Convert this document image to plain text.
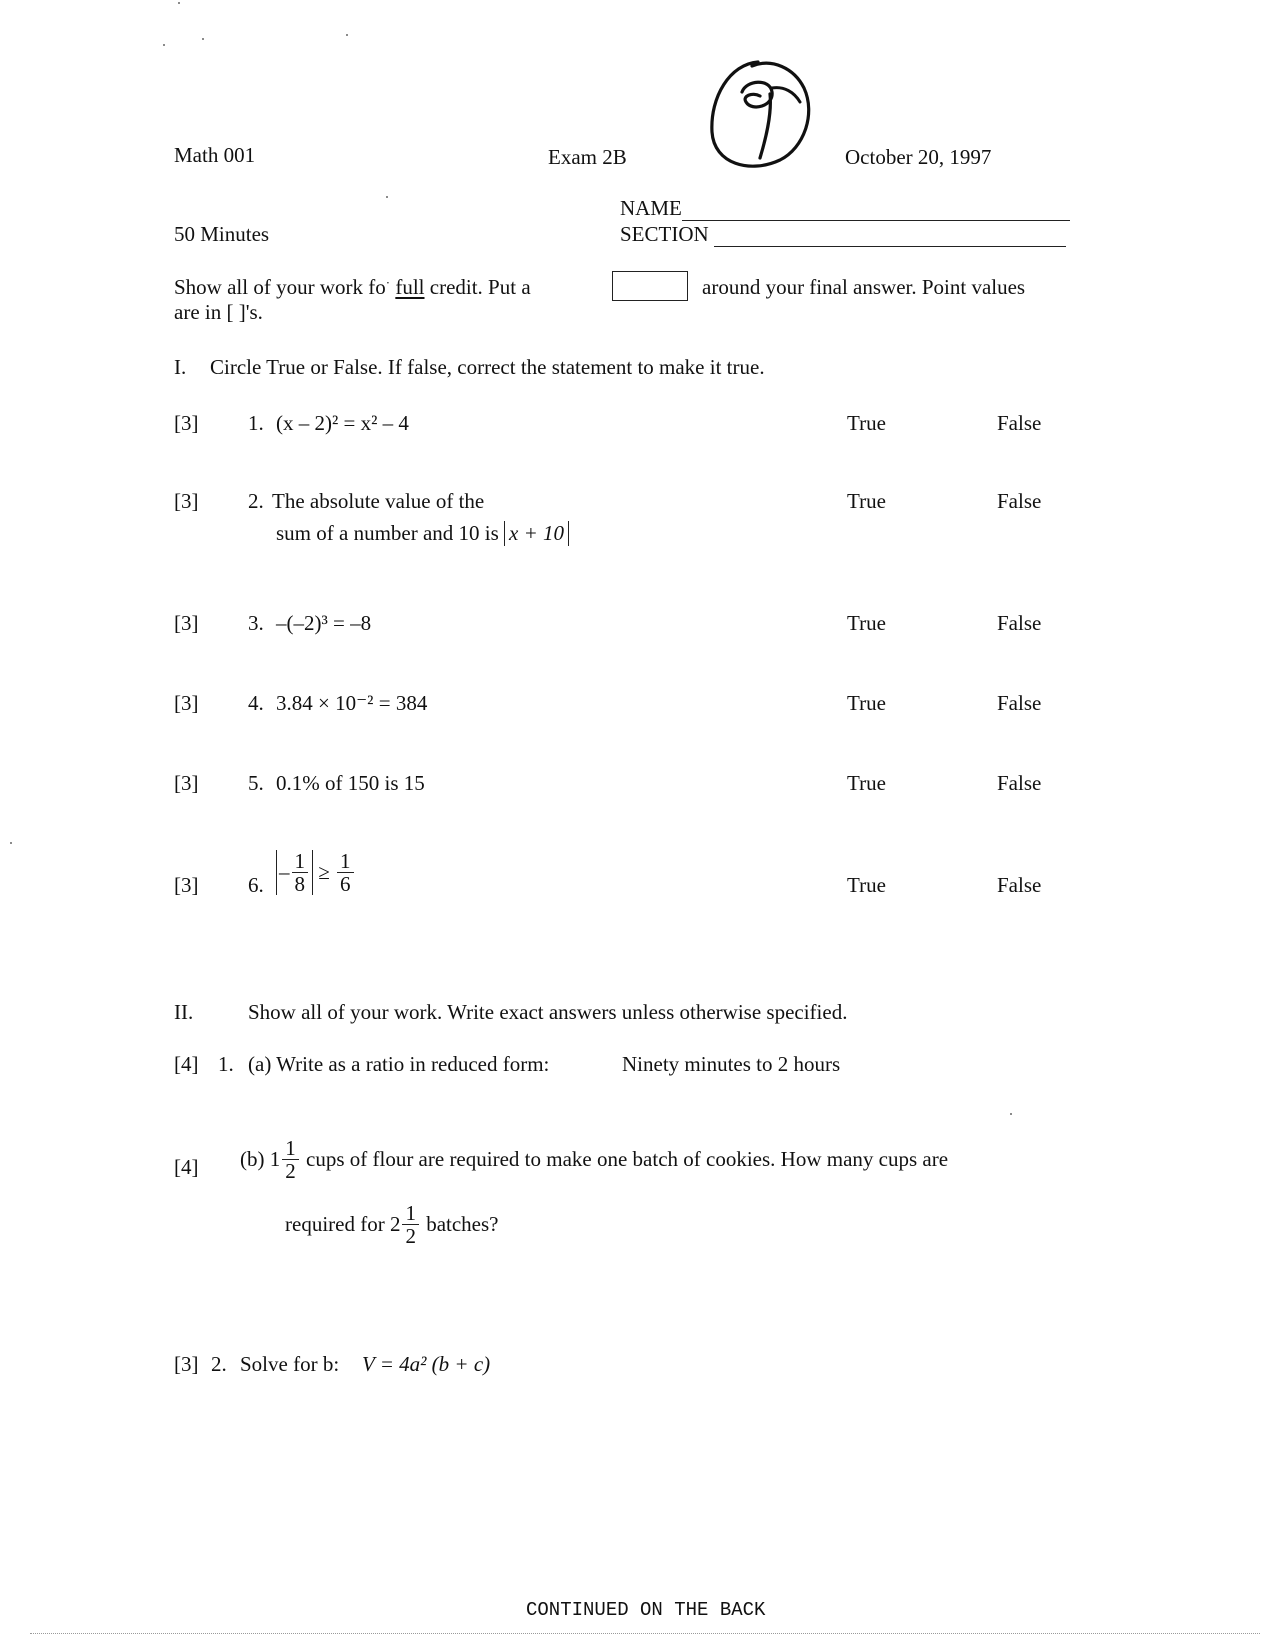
Math 001	Exam 2B	October 20, 1997
50 Minutes
NAME
SECTION
Show all of your work fo· full credit. Put a	around your final answer. Point values
are in [ ]'s.
I. Circle True or False. If false, correct the statement to make it true.
[3] 1. (x – 2)² = x² – 4	True	False
[3] 2. The absolute value of the
sum of a number and 10 is x + 10
True	False
[3] 3. –(–2)³ = –8	True	False
[3] 4. 3.84 × 10⁻² = 384	True	False
[3] 5. 0.1% of 150 is 15	True	False
[3] 6.
– $\frac{1}{8} \ge \frac{1}{6}$	True	False
II.	Show all of your work. Write exact answers unless otherwise specified.
[4] 1. (a) Write as a ratio in reduced form:	Ninety minutes to 2 hours
[4] (b) $1 \frac{1}{2}$ cups of flour are required to make one batch of cookies. How many cups are
required for $2 \frac{1}{2}$ batches?
[3] 2. Solve for b: V = 4a² (b + c)
CONTINUED ON THE BACK
